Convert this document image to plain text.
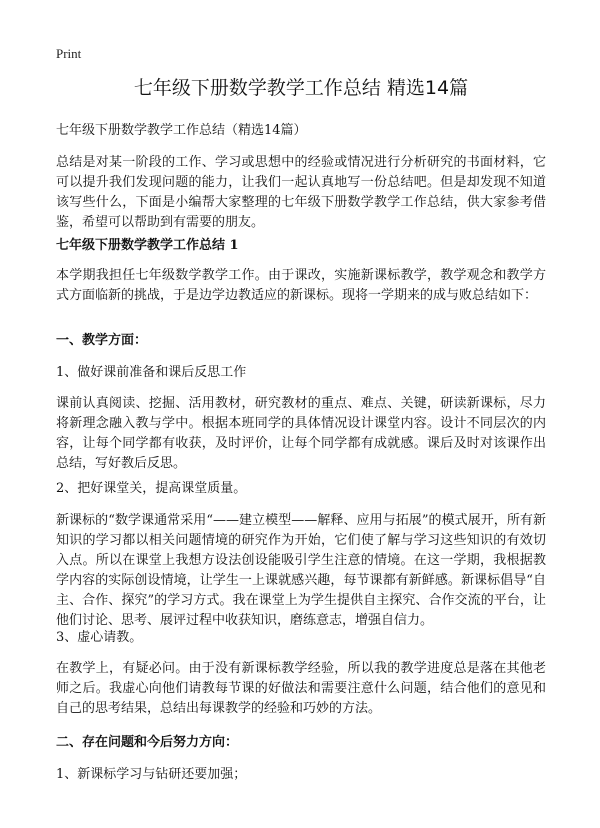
Print
七年级下册数学教学工作总结 精选14篇

七年级下册数学教学工作总结（精选14篇）

总结是对某一阶段的工作、学习或思想中的经验或情况进行分析研究的书面材料，它可以提升我们发现问题的能力，让我们一起认真地写一份总结吧。但是却发现不知道该写些什么，下面是小编帮大家整理的七年级下册数学教学工作总结，供大家参考借鉴，希望可以帮助到有需要的朋友。

七年级下册数学教学工作总结 1

本学期我担任七年级数学教学工作。由于课改，实施新课标教学，教学观念和教学方式方面临新的挑战，于是边学边教适应的新课标。现将一学期来的成与败总结如下：

一、教学方面：

1、做好课前准备和课后反思工作

课前认真阅读、挖掘、活用教材，研究教材的重点、难点、关键，研读新课标，尽力将新理念融入教与学中。根据本班同学的具体情况设计课堂内容。设计不同层次的内容，让每个同学都有收获，及时评价，让每个同学都有成就感。课后及时对该课作出总结，写好教后反思。

2、把好课堂关，提高课堂质量。

新课标的“数学课通常采用“——建立模型——解释、应用与拓展”的模式展开，所有新知识的学习都以相关问题情境的研究作为开始，它们使了解与学习这些知识的有效切入点。所以在课堂上我想方设法创设能吸引学生注意的情境。在这一学期，我根据教学内容的实际创设情境，让学生一上课就感兴趣，每节课都有新鲜感。新课标倡导“自主、合作、探究”的学习方式。我在课堂上为学生提供自主探究、合作交流的平台，让他们讨论、思考、展评过程中收获知识，磨练意志，增强自信力。

3、虚心请教。

在教学上，有疑必问。由于没有新课标教学经验，所以我的教学进度总是落在其他老师之后。我虚心向他们请教每节课的好做法和需要注意什么问题，结合他们的意见和自己的思考结果，总结出每课教学的经验和巧妙的方法。

二、存在问题和今后努力方向：

1、新课标学习与钻研还要加强；
